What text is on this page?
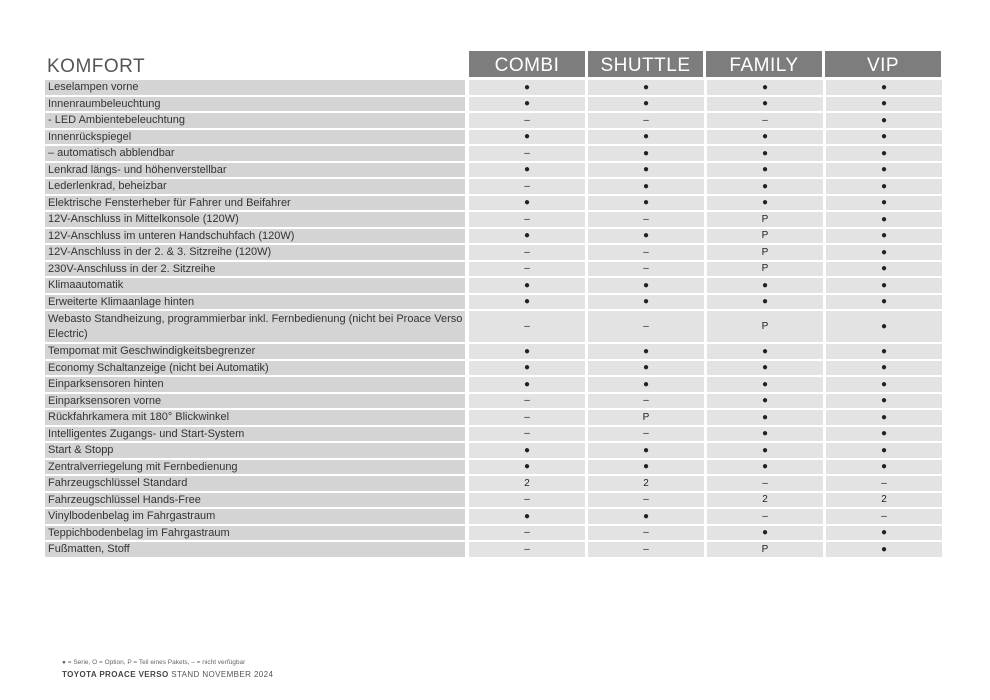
KOMFORT	COMBI	SHUTTLE	FAMILY	VIP
Leselampen vorne	●	●	●	●
Innenraumbeleuchtung	●	●	●	●
- LED Ambientebeleuchtung	–	–	–	●
Innenrückspiegel	●	●	●	●
– automatisch abblendbar	–	●	●	●
Lenkrad längs- und höhenverstellbar	●	●	●	●
Lederlenkrad, beheizbar	–	●	●	●
Elektrische Fensterheber für Fahrer und Beifahrer	●	●	●	●
12V-Anschluss in Mittelkonsole (120W)	–	–	P	●
12V-Anschluss im unteren Handschuhfach (120W)	●	●	P	●
12V-Anschluss in der 2. & 3. Sitzreihe (120W)	–	–	P	●
230V-Anschluss in der 2. Sitzreihe	–	–	P	●
Klimaautomatik	●	●	●	●
Erweiterte Klimaanlage hinten	●	●	●	●
Webasto Standheizung, programmierbar inkl. Fernbedienung (nicht bei Proace Verso Electric)
–	–	P	●
Tempomat mit Geschwindigkeitsbegrenzer	●	●	●	●
Economy Schaltanzeige (nicht bei Automatik)	●	●	●	●
Einparksensoren hinten	●	●	●	●
Einparksensoren vorne	–	–	●	●
Rückfahrkamera mit 180° Blickwinkel	–	P	●	●
Intelligentes Zugangs- und Start-System	–	–	●	●
Start & Stopp	●	●	●	●
Zentralverriegelung mit Fernbedienung	●	●	●	●
Fahrzeugschlüssel Standard	2	2	–	–
Fahrzeugschlüssel Hands-Free	–	–	2	2
Vinylbodenbelag im Fahrgastraum	●	●	–	–
Teppichbodenbelag im Fahrgastraum	–	–	●	●
Fußmatten, Stoff	–	–	P	●
● = Serie, O = Option, P = Teil eines Pakets, – = nicht verfügbar
TOYOTA PROACE VERSO STAND NOVEMBER 2024
